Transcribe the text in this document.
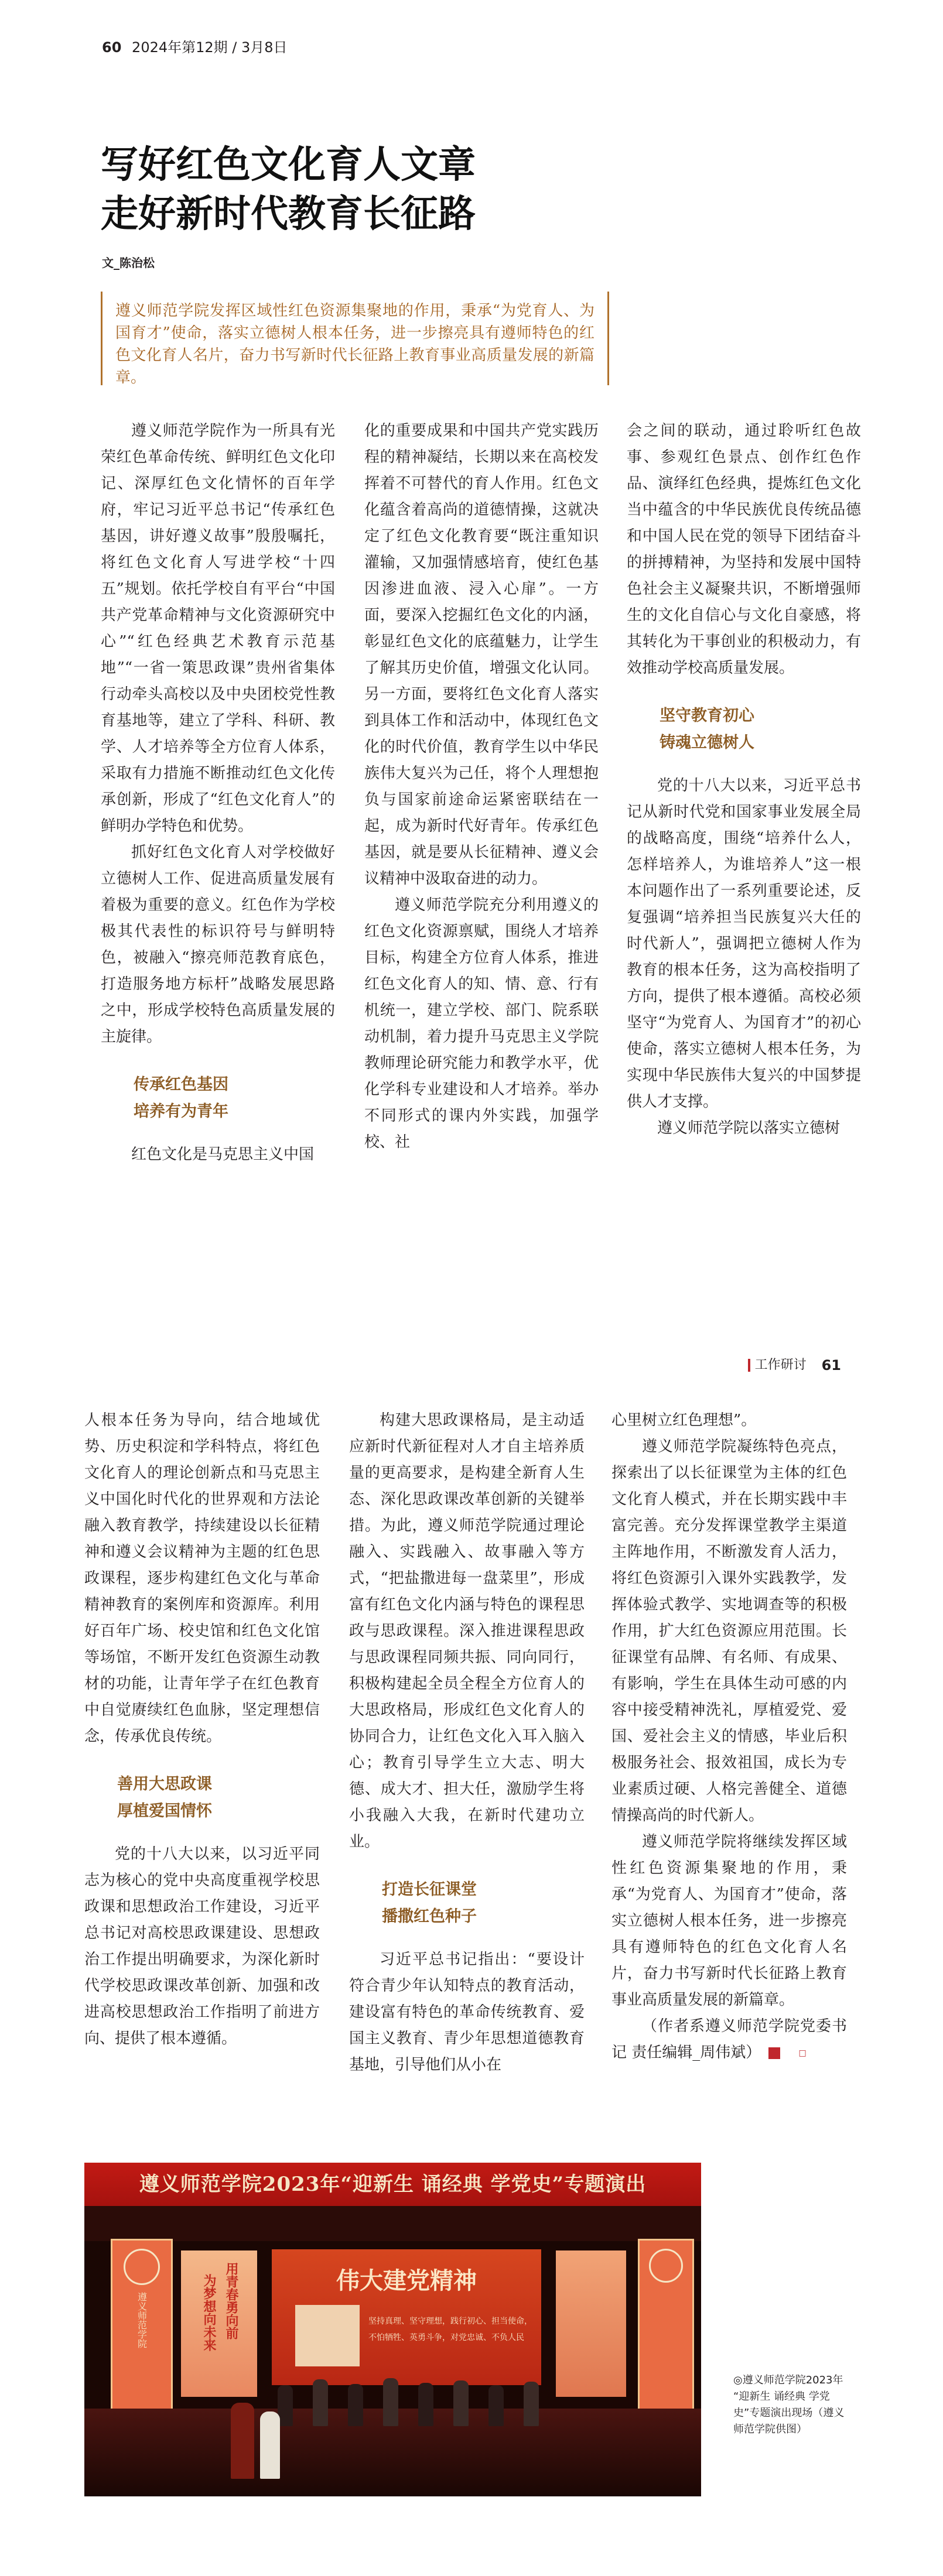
60 2024年第12期 / 3月8日
写好红色文化育人文章
走好新时代教育长征路
文_陈治松
遵义师范学院发挥区域性红色资源集聚地的作用，秉承“为党育人、为国育才”使命，落实立德树人根本任务，进一步擦亮具有遵师特色的红色文化育人名片，奋力书写新时代长征路上教育事业高质量发展的新篇章。

遵义师范学院作为一所具有光荣红色革命传统、鲜明红色文化印记、深厚红色文化情怀的百年学府，牢记习近平总书记“传承红色基因，讲好遵义故事”殷殷嘱托，将红色文化育人写进学校“十四五”规划。依托学校自有平台“中国共产党革命精神与文化资源研究中心”“红色经典艺术教育示范基地”“一省一策思政课”贵州省集体行动牵头高校以及中央团校党性教育基地等，建立了学科、科研、教学、人才培养等全方位育人体系，采取有力措施不断推动红色文化传承创新，形成了“红色文化育人”的鲜明办学特色和优势。

抓好红色文化育人对学校做好立德树人工作、促进高质量发展有着极为重要的意义。红色作为学校极其代表性的标识符号与鲜明特色，被融入“擦亮师范教育底色，打造服务地方标杆”战略发展思路之中，形成学校特色高质量发展的主旋律。

传承红色基因
培养有为青年

红色文化是马克思主义中国

化的重要成果和中国共产党实践历程的精神凝结，长期以来在高校发挥着不可替代的育人作用。红色文化蕴含着高尚的道德情操，这就决定了红色文化教育要“既注重知识灌输，又加强情感培育，使红色基因渗进血液、浸入心扉”。一方面，要深入挖掘红色文化的内涵，彰显红色文化的底蕴魅力，让学生了解其历史价值，增强文化认同。另一方面，要将红色文化育人落实到具体工作和活动中，体现红色文化的时代价值，教育学生以中华民族伟大复兴为己任，将个人理想抱负与国家前途命运紧密联结在一起，成为新时代好青年。传承红色基因，就是要从长征精神、遵义会议精神中汲取奋进的动力。

遵义师范学院充分利用遵义的红色文化资源禀赋，围绕人才培养目标，构建全方位育人体系，推进红色文化育人的知、情、意、行有机统一，建立学校、部门、院系联动机制，着力提升马克思主义学院教师理论研究能力和教学水平，优化学科专业建设和人才培养。举办不同形式的课内外实践，加强学校、社

会之间的联动，通过聆听红色故事、参观红色景点、创作红色作品、演绎红色经典，提炼红色文化当中蕴含的中华民族优良传统品德和中国人民在党的领导下团结奋斗的拼搏精神，为坚持和发展中国特色社会主义凝聚共识，不断增强师生的文化自信心与文化自豪感，将其转化为干事创业的积极动力，有效推动学校高质量发展。

坚守教育初心
铸魂立德树人

党的十八大以来，习近平总书记从新时代党和国家事业发展全局的战略高度，围绕“培养什么人，怎样培养人，为谁培养人”这一根本问题作出了一系列重要论述，反复强调“培养担当民族复兴大任的时代新人”，强调把立德树人作为教育的根本任务，这为高校指明了方向，提供了根本遵循。高校必须坚守“为党育人、为国育才”的初心使命，落实立德树人根本任务，为实现中华民族伟大复兴的中国梦提供人才支撑。

遵义师范学院以落实立德树

工作研讨 61

人根本任务为导向，结合地域优势、历史积淀和学科特点，将红色文化育人的理论创新点和马克思主义中国化时代化的世界观和方法论融入教育教学，持续建设以长征精神和遵义会议精神为主题的红色思政课程，逐步构建红色文化与革命精神教育的案例库和资源库。利用好百年广场、校史馆和红色文化馆等场馆，不断开发红色资源生动教材的功能，让青年学子在红色教育中自觉赓续红色血脉，坚定理想信念，传承优良传统。

善用大思政课
厚植爱国情怀

党的十八大以来，以习近平同志为核心的党中央高度重视学校思政课和思想政治工作建设，习近平总书记对高校思政课建设、思想政治工作提出明确要求，为深化新时代学校思政课改革创新、加强和改进高校思想政治工作指明了前进方向、提供了根本遵循。

构建大思政课格局，是主动适应新时代新征程对人才自主培养质量的更高要求，是构建全新育人生态、深化思政课改革创新的关键举措。为此，遵义师范学院通过理论融入、实践融入、故事融入等方式，“把盐撒进每一盘菜里”，形成富有红色文化内涵与特色的课程思政与思政课程。深入推进课程思政与思政课程同频共振、同向同行，积极构建起全员全程全方位育人的大思政格局，形成红色文化育人的协同合力，让红色文化入耳入脑入心；教育引导学生立大志、明大德、成大才、担大任，激励学生将小我融入大我，在新时代建功立业。

打造长征课堂
播撒红色种子

习近平总书记指出：“要设计符合青少年认知特点的教育活动，建设富有特色的革命传统教育、爱国主义教育、青少年思想道德教育基地，引导他们从小在

心里树立红色理想”。

遵义师范学院凝练特色亮点，探索出了以长征课堂为主体的红色文化育人模式，并在长期实践中丰富完善。充分发挥课堂教学主渠道主阵地作用，不断激发育人活力，将红色资源引入课外实践教学，发挥体验式教学、实地调查等的积极作用，扩大红色资源应用范围。长征课堂有品牌、有名师、有成果、有影响，学生在具体生动可感的内容中接受精神洗礼，厚植爱党、爱国、爱社会主义的情感，毕业后积极服务社会、报效祖国，成长为专业素质过硬、人格完善健全、道德情操高尚的时代新人。

遵义师范学院将继续发挥区域性红色资源集聚地的作用，秉承“为党育人、为国育才”使命，落实立德树人根本任务，进一步擦亮具有遵师特色的红色文化育人名片，奋力书写新时代长征路上教育事业高质量发展的新篇章。

（作者系遵义师范学院党委书记 责任编辑_周伟斌）	□

遵义师范学院2023年“迎新生 诵经典 学党史”专题演出
遵义师范学院	用青春勇向前
为梦想向未来	伟大建党精神
坚持真理、坚守理想，践行初心、担当使命，
不怕牺牲、英勇斗争，对党忠诚、不负人民

◎遵义师范学院2023年

“迎新生 诵经典 学党

史”专题演出现场（遵义

师范学院供图）
